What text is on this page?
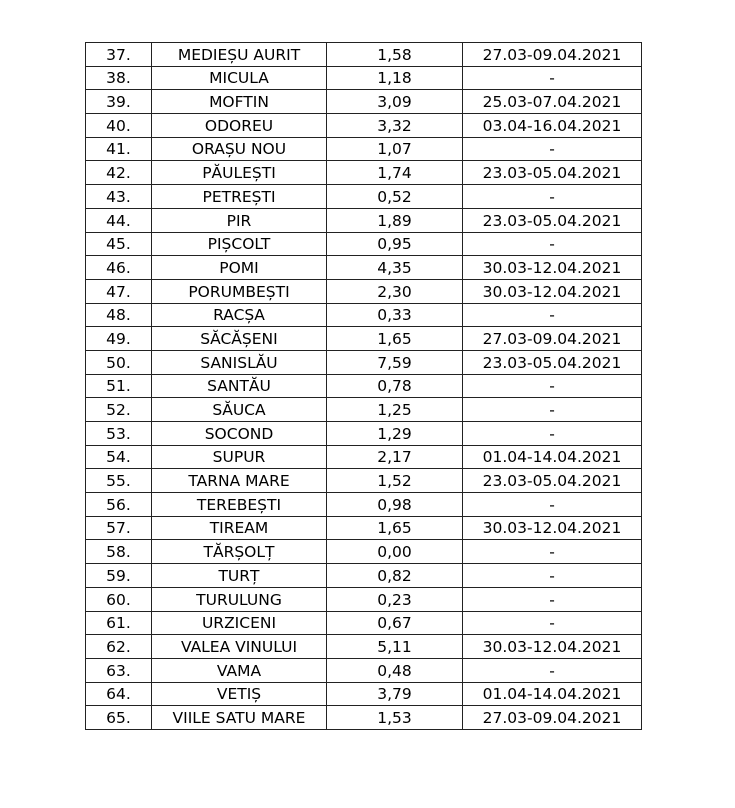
37.	MEDIEȘU AURIT	1,58	27.03-09.04.2021
38.	MICULA	1,18	-
39.	MOFTIN	3,09	25.03-07.04.2021
40.	ODOREU	3,32	03.04-16.04.2021
41.	ORAȘU NOU	1,07	-
42.	PĂULEȘTI	1,74	23.03-05.04.2021
43.	PETREȘTI	0,52	-
44.	PIR	1,89	23.03-05.04.2021
45.	PIȘCOLT	0,95	-
46.	POMI	4,35	30.03-12.04.2021
47.	PORUMBEȘTI	2,30	30.03-12.04.2021
48.	RACȘA	0,33	-
49.	SĂCĂȘENI	1,65	27.03-09.04.2021
50.	SANISLĂU	7,59	23.03-05.04.2021
51.	SANTĂU	0,78	-
52.	SĂUCA	1,25	-
53.	SOCOND	1,29	-
54.	SUPUR	2,17	01.04-14.04.2021
55.	TARNA MARE	1,52	23.03-05.04.2021
56.	TEREBEȘTI	0,98	-
57.	TIREAM	1,65	30.03-12.04.2021
58.	TĂRȘOLȚ	0,00	-
59.	TURȚ	0,82	-
60.	TURULUNG	0,23	-
61.	URZICENI	0,67	-
62.	VALEA VINULUI	5,11	30.03-12.04.2021
63.	VAMA	0,48	-
64.	VETIȘ	3,79	01.04-14.04.2021
65.	VIILE SATU MARE	1,53	27.03-09.04.2021
